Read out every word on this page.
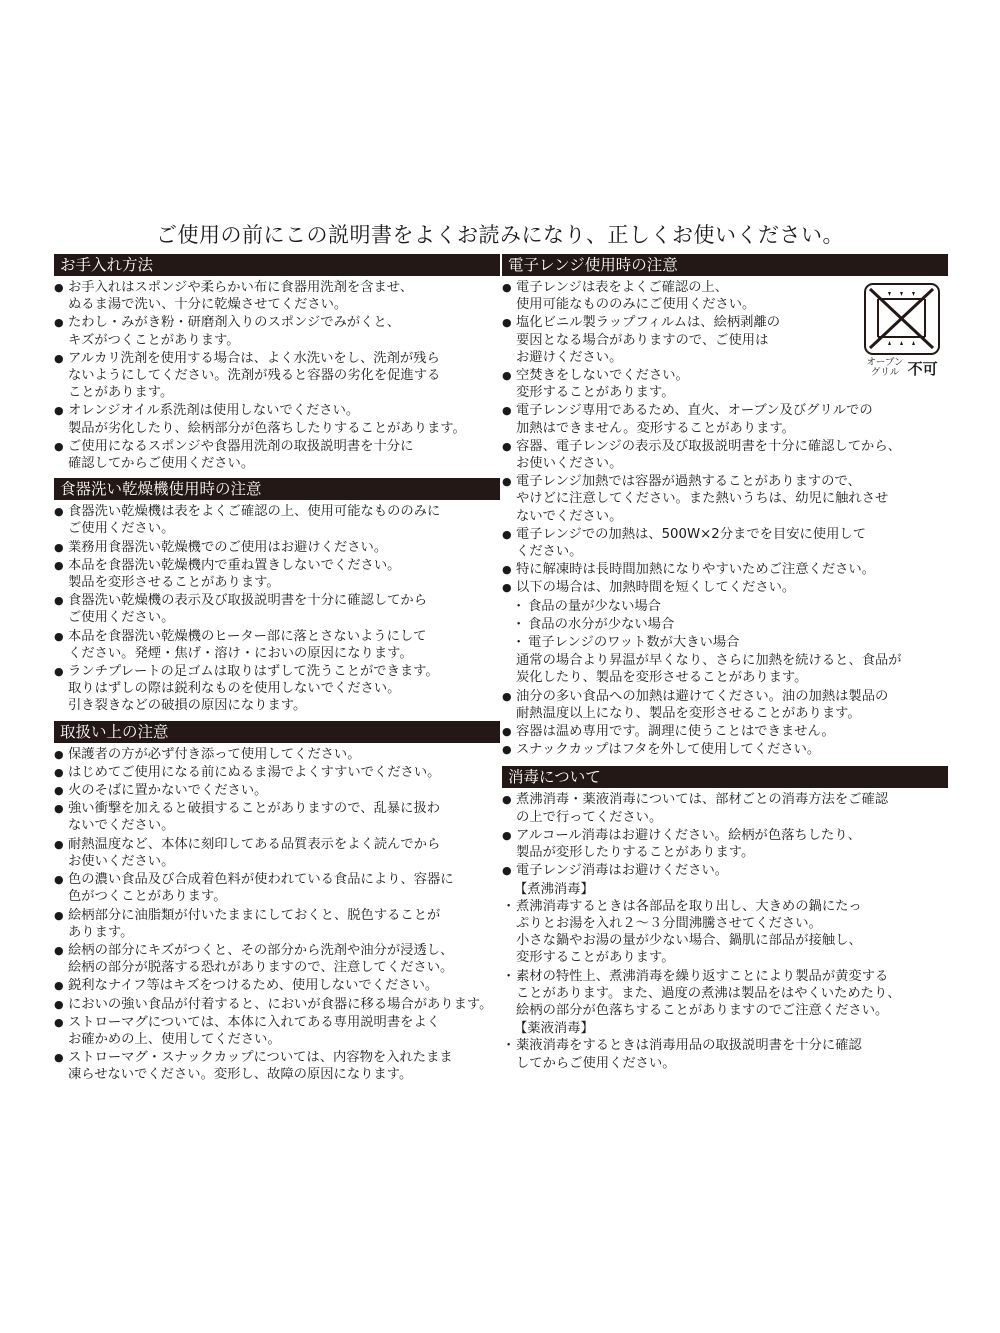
ご使用の前にこの説明書をよくお読みになり、正しくお使いください。
お手入れ方法
● お手入れはスポンジや柔らかい布に食器用洗剤を含ませ、
ぬるま湯で洗い、十分に乾燥させてください。
● たわし・みがき粉・研磨剤入りのスポンジでみがくと、
キズがつくことがあります。
● アルカリ洗剤を使用する場合は、よく水洗いをし、洗剤が残ら
ないようにしてください。洗剤が残ると容器の劣化を促進する
ことがあります。
● オレンジオイル系洗剤は使用しないでください。
製品が劣化したり、絵柄部分が色落ちしたりすることがあります。
● ご使用になるスポンジや食器用洗剤の取扱説明書を十分に
確認してからご使用ください。
食器洗い乾燥機使用時の注意
● 食器洗い乾燥機は表をよくご確認の上、使用可能なもののみに
ご使用ください。
● 業務用食器洗い乾燥機でのご使用はお避けください。
● 本品を食器洗い乾燥機内で重ね置きしないでください。
製品を変形させることがあります。
● 食器洗い乾燥機の表示及び取扱説明書を十分に確認してから
ご使用ください。
● 本品を食器洗い乾燥機のヒーター部に落とさないようにして
ください。発煙・焦げ・溶け・においの原因になります。
● ランチプレートの足ゴムは取りはずして洗うことができます。
取りはずしの際は鋭利なものを使用しないでください。
引き裂きなどの破損の原因になります。
取扱い上の注意
● 保護者の方が必ず付き添って使用してください。
● はじめてご使用になる前にぬるま湯でよくすすいでください。
● 火のそばに置かないでください。
● 強い衝撃を加えると破損することがありますので、乱暴に扱わ
ないでください。
● 耐熱温度など、本体に刻印してある品質表示をよく読んでから
お使いください。
● 色の濃い食品及び合成着色料が使われている食品により、容器に
色がつくことがあります。
● 絵柄部分に油脂類が付いたままにしておくと、脱色することが
あります。
● 絵柄の部分にキズがつくと、その部分から洗剤や油分が浸透し、
絵柄の部分が脱落する恐れがありますので、注意してください。
● 鋭利なナイフ等はキズをつけるため、使用しないでください。
● においの強い食品が付着すると、においが食器に移る場合があります。
● ストローマグについては、本体に入れてある専用説明書をよく
お確かめの上、使用してください。
● ストローマグ・スナックカップについては、内容物を入れたまま
凍らせないでください。変形し、故障の原因になります。
電子レンジ使用時の注意
オーブン
グリル 不可
● 電子レンジは表をよくご確認の上、
使用可能なもののみにご使用ください。
● 塩化ビニル製ラップフィルムは、絵柄剥離の
要因となる場合がありますので、ご使用は
お避けください。
● 空焚きをしないでください。
変形することがあります。
● 電子レンジ専用であるため、直火、オーブン及びグリルでの
加熱はできません。変形することがあります。
● 容器、電子レンジの表示及び取扱説明書を十分に確認してから、
お使いください。
● 電子レンジ加熱では容器が過熱することがありますので、
やけどに注意してください。また熱いうちは、幼児に触れさせ
ないでください。
● 電子レンジでの加熱は、500W×2分までを目安に使用して
ください。
● 特に解凍時は長時間加熱になりやすいためご注意ください。
● 以下の場合は、加熱時間を短くしてください。
・ 食品の量が少ない場合
・ 食品の水分が少ない場合
・ 電子レンジのワット数が大きい場合
通常の場合より昇温が早くなり、さらに加熱を続けると、食品が
炭化したり、製品を変形させることがあります。
● 油分の多い食品への加熱は避けてください。油の加熱は製品の
耐熱温度以上になり、製品を変形させることがあります。
● 容器は温め専用です。調理に使うことはできません。
● スナックカップはフタを外して使用してください。
消毒について
● 煮沸消毒・薬液消毒については、部材ごとの消毒方法をご確認
の上で行ってください。
● アルコール消毒はお避けください。絵柄が色落ちしたり、
製品が変形したりすることがあります。
● 電子レンジ消毒はお避けください。
【煮沸消毒】
・ 煮沸消毒するときは各部品を取り出し、大きめの鍋にたっ
ぷりとお湯を入れ２〜３分間沸騰させてください。
小さな鍋やお湯の量が少ない場合、鍋肌に部品が接触し、
変形することがあります。
・ 素材の特性上、煮沸消毒を繰り返すことにより製品が黄変する
ことがあります。また、過度の煮沸は製品をはやくいためたり、
絵柄の部分が色落ちすることがありますのでご注意ください。
【薬液消毒】
・ 薬液消毒をするときは消毒用品の取扱説明書を十分に確認
してからご使用ください。
